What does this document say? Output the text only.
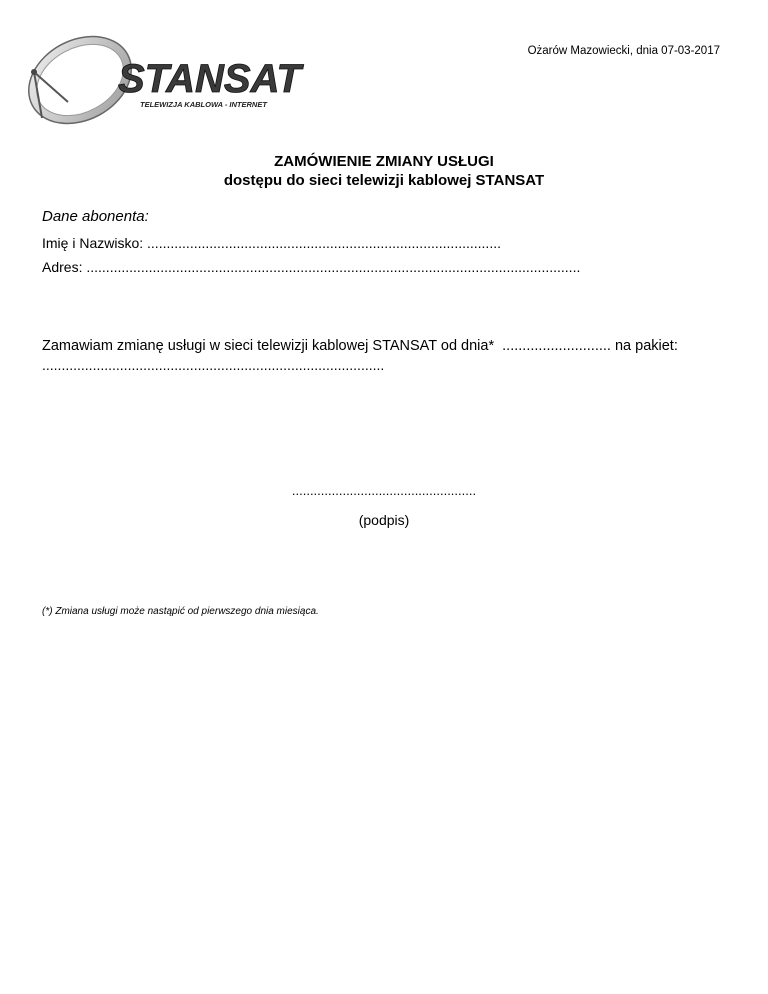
STANSAT
TELEWIZJA KABLOWA - INTERNET
Ożarów Mazowiecki, dnia 07-03-2017
ZAMÓWIENIE ZMIANY USŁUGI
dostępu do sieci telewizji kablowej STANSAT
Dane abonenta:
Imię i Nazwisko: ...........................................................................................
Adres: ...............................................................................................................................
Zamawiam zmianę usługi w sieci telewizji kablowej STANSAT od dnia* ........................... na pakiet:
........................................................................................
...................................................
(podpis)
(*) Zmiana usługi może nastąpić od pierwszego dnia miesiąca.
